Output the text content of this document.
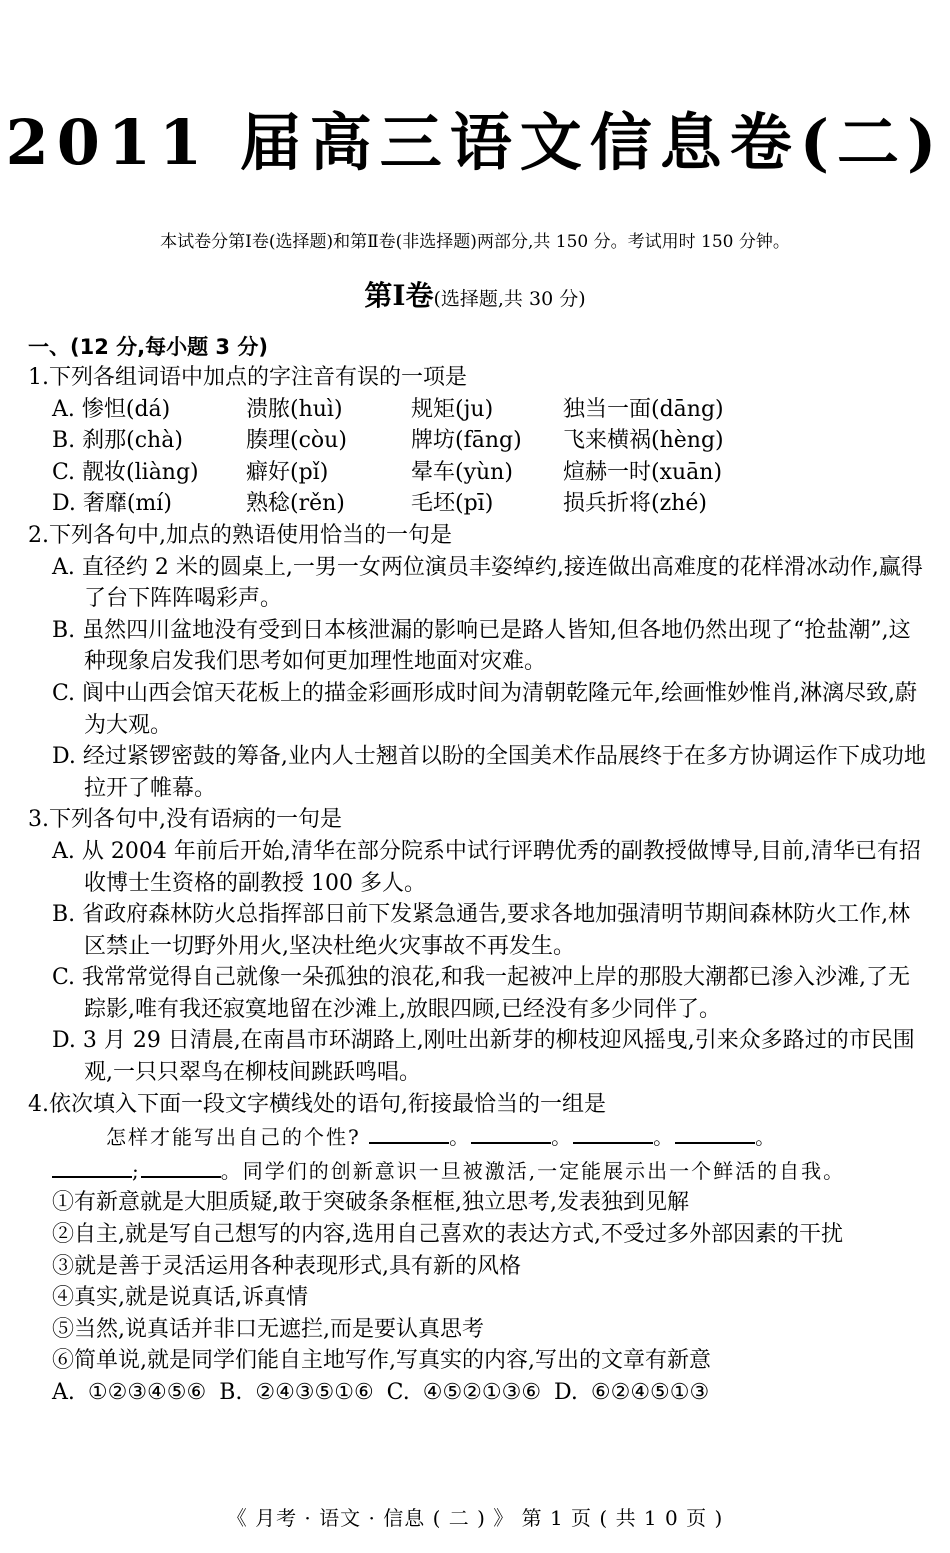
2011 届高三语文信息卷(二)
本试卷分第Ⅰ卷(选择题)和第Ⅱ卷(非选择题)两部分,共 150 分。考试用时 150 分钟。
第Ⅰ卷(选择题,共 30 分)
一、(12 分,每小题 3 分)

1.下列各组词语中加点的字注音有误的一项是

A. 惨怛(dá)	溃脓(huì)	规矩(ju)	独当一面(dāng)
B. 刹那(chà)	腠理(còu)	牌坊(fāng)	飞来横祸(hèng)
C. 靓妆(liàng)	癖好(pǐ)	晕车(yùn)	煊赫一时(xuān)
D. 奢靡(mí)	熟稔(rěn)	毛坯(pī)	损兵折将(zhé)

2.下列各句中,加点的熟语使用恰当的一句是

A. 直径约 2 米的圆桌上,一男一女两位演员丰姿绰约,接连做出高难度的花样滑冰动作,赢得了台下阵阵喝彩声。
B. 虽然四川盆地没有受到日本核泄漏的影响已是路人皆知,但各地仍然出现了“抢盐潮”,这种现象启发我们思考如何更加理性地面对灾难。
C. 阆中山西会馆天花板上的描金彩画形成时间为清朝乾隆元年,绘画惟妙惟肖,淋漓尽致,蔚为大观。
D. 经过紧锣密鼓的筹备,业内人士翘首以盼的全国美术作品展终于在多方协调运作下成功地拉开了帷幕。

3.下列各句中,没有语病的一句是

A. 从 2004 年前后开始,清华在部分院系中试行评聘优秀的副教授做博导,目前,清华已有招收博士生资格的副教授 100 多人。
B. 省政府森林防火总指挥部日前下发紧急通告,要求各地加强清明节期间森林防火工作,林区禁止一切野外用火,坚决杜绝火灾事故不再发生。
C. 我常常觉得自己就像一朵孤独的浪花,和我一起被冲上岸的那股大潮都已渗入沙滩,了无踪影,唯有我还寂寞地留在沙滩上,放眼四顾,已经没有多少同伴了。
D. 3 月 29 日清晨,在南昌市环湖路上,刚吐出新芽的柳枝迎风摇曳,引来众多路过的市民围观,一只只翠鸟在柳枝间跳跃鸣唱。

4.依次填入下面一段文字横线处的语句,衔接最恰当的一组是

怎样才能写出自己的个性?	。	。	。	。
;	。同学们的创新意识一旦被激活,一定能展示出一个鲜活的自我。
①有新意就是大胆质疑,敢于突破条条框框,独立思考,发表独到见解
②自主,就是写自己想写的内容,选用自己喜欢的表达方式,不受过多外部因素的干扰
③就是善于灵活运用各种表现形式,具有新的风格
④真实,就是说真话,诉真情
⑤当然,说真话并非口无遮拦,而是要认真思考
⑥简单说,就是同学们能自主地写作,写真实的内容,写出的文章有新意
A. ①②③④⑤⑥ B. ②④③⑤①⑥ C. ④⑤②①③⑥ D. ⑥②④⑤①③
《 月考 · 语文 · 信息 ( 二 ) 》 第 1 页 ( 共 1 0 页 )
